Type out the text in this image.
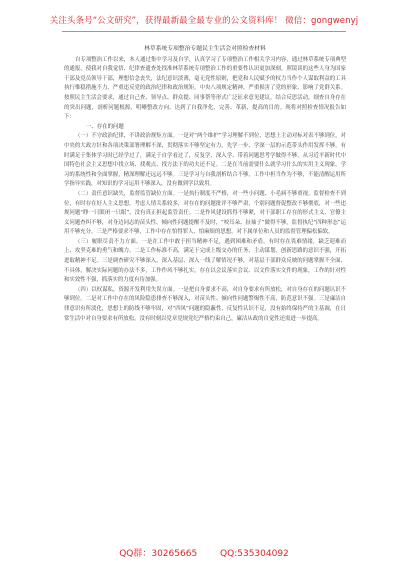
关注头条号“公文研究”，获得最新最全最专业的公文资料库！ 微信：gongwenyj
林草系统专项整治专题民主生活会对照检查材料

自专项整治工作以来，本人通过集中学习及自学，认真学习了专项整治工作相关学习内容，通过林草系统专项典型的通报，使我对自我觉悟、纪律查遗查处找准林草系统专项整治工作的重要性认识更加深刻。照镜谈的这些人身为国家干部及党员领导干部，理想信念丧失，法纪意识淡薄，毫无党性原则，把党和人民赋予的权力当作个人谋取利益的工具执行惟稳措施不力，严重违反党的政治纪律和政治规矩，中央八项规定精神，严重损害了党的形象，影响了党群关系。按照民主生活会要求，通过自己查、领导点、群众提、同事帮等形式广泛征求意见建议，结合反思活动，细查自身存在的突出问题，剖析问题根源，明晰整改方向，达到了自我净化、完善、革新、提高的目的。现将对照检查情况报告如下：

一、存在的问题

（一）不守政治纪律，不讲政治规矩方面。一是对“两个维护”学习理解不到位，思想上主动对标对表不够到位，对中央的大政方针和各项决策部署理解不深，贯彻落实不够坚定有力，先学一步、学深一层的示范带头作用发挥不够，有时满足于集体学习时已经学过了，满足于自学看过了，反复学、深入学、带着问题思考学做得不够，从习近平新时代中国特色社会主义思想中找立场、找观点、找方法下的功夫还不足。二是在当前需要什么就学习什么的实用主义现象，学习的系统性和全面掌握，精深理解还远远不够。三是学习与自我剖析结合不够，工作中担当作为不够，不能清醒运用所学指导实践，对知识的学习运用不够深入，没有做到学以致用。

（二）责任意识缺失，监督监管缺位方面。一是执行制度不严格，对一些小问题、小毛病不够重视，监督检查不到位，有时存在好人主义思想，考虑人情关系较多，对存在的问题批评不够严肃，个别问题督促整改不够彻底，对一些违规问题“睁一只眼闭一只眼”，没有真正担起监管责任。二是作风建设抓得不够紧，对干部职工存在的形式主义、官僚主义问题查纠不够，对身边同志的苗头性、倾向性问题提醒不及时，“咬耳朵、扯袖子”做得不够，监督执纪“四种形态”运用不够充分。三是严格要求不够，工作中存在怕得罪人、怕麻烦的思想，对下属单位和人员的监督管理偏松偏软。

（三）履职尽责不力方面。一是在工作中敢于担当精神不足，遇到困难和矛盾，有时存在畏难情绪，缺乏迎难而上、攻坚克难的勇气和魄力。二是工作标准不高，满足于完成上级交办的任务，主动谋划、创新思路的意识不强，开拓进取精神不足。三是调查研究不够深入，深入基层、深入一线了解情况不够，对基层干部群众反映的问题掌握不全面、不具体，解决实际问题的办法不多，工作作风不够扎实，存在以会议落实会议、以文件落实文件的现象，工作的针对性和实效性不强，抓落实的力度有待加强。

（四）以权谋私，资源开发利用失误方面。一是把自身要求不高，对自身要求有所放松，对自身存在的问题认识不够到位。二是对工作中存在的风险隐患排查不够深入，对苗头性、倾向性问题警惕性不高，防范意识不强。三是廉洁自律意识有所淡化，思想上的防线不够牢固，对“四风”问题的隐蔽性、反复性认识不足，没有始终保持严的主基调，在日常生活中对自身要求有所放松，没有时刻以党章党规党纪严格约束自己，廉洁从政的自觉性还需进一步提高。

QQ群：30265665	QQ:535304092
